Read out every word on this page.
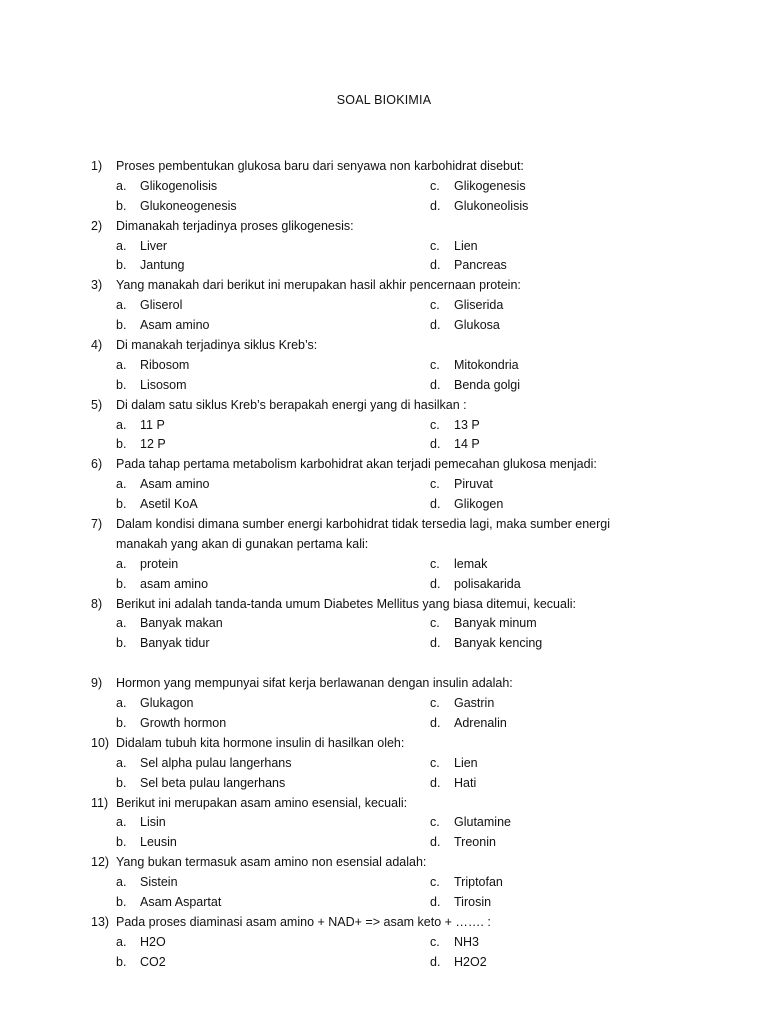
SOAL BIOKIMIA
1) Proses pembentukan glukosa baru dari senyawa non karbohidrat disebut:
a. Glikogenolisis	c. Glikogenesis
b. Glukoneogenesis	d. Glukoneolisis
2) Dimanakah terjadinya proses glikogenesis:
a. Liver	c. Lien
b. Jantung	d. Pancreas
3) Yang manakah dari berikut ini merupakan hasil akhir pencernaan protein:
a. Gliserol	c. Gliserida
b. Asam amino	d. Glukosa
4) Di manakah terjadinya siklus Kreb’s:
a. Ribosom	c. Mitokondria
b. Lisosom	d. Benda golgi
5) Di dalam satu siklus Kreb’s berapakah energi yang di hasilkan :
a. 11 P	c. 13 P
b. 12 P	d. 14 P
6) Pada tahap pertama metabolism karbohidrat akan terjadi pemecahan glukosa menjadi:
a. Asam amino	c. Piruvat
b. Asetil KoA	d. Glikogen
7) Dalam kondisi dimana sumber energi karbohidrat tidak tersedia lagi, maka sumber energi
manakah yang akan di gunakan pertama kali:
a. protein	c. lemak
b. asam amino	d. polisakarida
8) Berikut ini adalah tanda-tanda umum Diabetes Mellitus yang biasa ditemui, kecuali:
a. Banyak makan	c. Banyak minum
b. Banyak tidur	d. Banyak kencing
9) Hormon yang mempunyai sifat kerja berlawanan dengan insulin adalah:
a. Glukagon	c. Gastrin
b. Growth hormon	d. Adrenalin
10) Didalam tubuh kita hormone insulin di hasilkan oleh:
a. Sel alpha pulau langerhans	c. Lien
b. Sel beta pulau langerhans	d. Hati
11) Berikut ini merupakan asam amino esensial, kecuali:
a. Lisin	c. Glutamine
b. Leusin	d. Treonin
12) Yang bukan termasuk asam amino non esensial adalah:
a. Sistein	c. Triptofan
b. Asam Aspartat	d. Tirosin
13) Pada proses diaminasi asam amino + NAD+ => asam keto + ……. :
a. H2O	c. NH3
b. CO2	d. H2O2
